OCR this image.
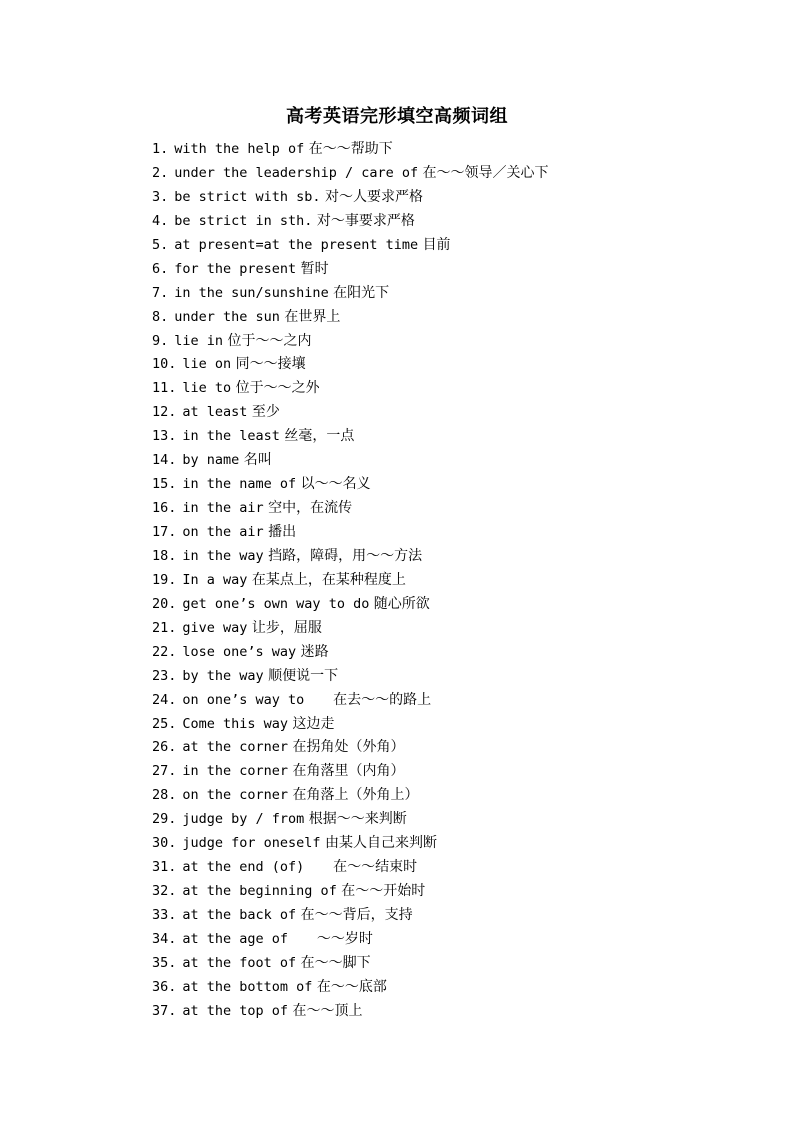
高考英语完形填空高频词组
1. with the help of 在～～帮助下
2. under the leadership / care of 在～～领导／关心下
3. be strict with sb. 对～人要求严格
4. be strict in sth. 对～事要求严格
5. at present=at the present time 目前
6. for the present 暂时
7. in the sun/sunshine 在阳光下
8. under the sun 在世界上
9. lie in 位于～～之内
10. lie on 同～～接壤
11. lie to 位于～～之外
12. at least 至少
13. in the least 丝毫，一点
14. by name 名叫
15. in the name of 以～～名义
16. in the air 空中，在流传
17. on the air 播出
18. in the way 挡路，障碍，用～～方法
19. In a way 在某点上，在某种程度上
20. get one’s own way to do 随心所欲
21. give way 让步，屈服
22. lose one’s way 迷路
23. by the way 顺便说一下
24. on one’s way to    在去～～的路上
25. Come this way 这边走
26. at the corner 在拐角处（外角）
27. in the corner 在角落里（内角）
28. on the corner 在角落上（外角上）
29. judge by / from 根据～～来判断
30. judge for oneself 由某人自己来判断
31. at the end (of)    在～～结束时
32. at the beginning of 在～～开始时
33. at the back of 在～～背后，支持
34. at the age of    ～～岁时
35. at the foot of 在～～脚下
36. at the bottom of 在～～底部
37. at the top of 在～～顶上
